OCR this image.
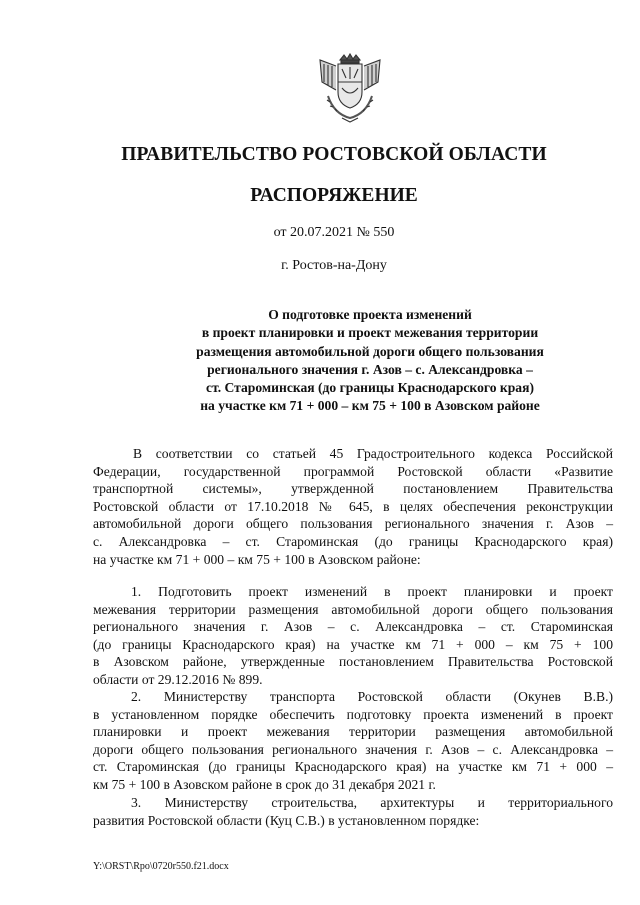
ПРАВИТЕЛЬСТВО РОСТОВСКОЙ ОБЛАСТИ
РАСПОРЯЖЕНИЕ
от 20.07.2021 № 550
г. Ростов-на-Дону
О подготовке проекта изменений
в проект планировки и проект межевания территории
размещения автомобильной дороги общего пользования
регионального значения г. Азов – с. Александровка –
ст. Староминская (до границы Краснодарского края)
на участке км 71 + 000 – км 75 + 100 в Азовском районе
В соответствии со статьей 45 Градостроительного кодекса Российской
Федерации, государственной программой Ростовской области «Развитие
транспортной системы», утвержденной постановлением Правительства
Ростовской области от 17.10.2018 № 645, в целях обеспечения реконструкции
автомобильной дороги общего пользования регионального значения г. Азов –
с. Александровка – ст. Староминская (до границы Краснодарского края)
на участке км 71 + 000 – км 75 + 100 в Азовском районе:
1. Подготовить проект изменений в проект планировки и проект
межевания территории размещения автомобильной дороги общего пользования
регионального значения г. Азов – с. Александровка – ст. Староминская
(до границы Краснодарского края) на участке км 71 + 000 – км 75 + 100
в Азовском районе, утвержденные постановлением Правительства Ростовской
области от 29.12.2016 № 899.
2. Министерству транспорта Ростовской области (Окунев В.В.)
в установленном порядке обеспечить подготовку проекта изменений в проект
планировки и проект межевания территории размещения автомобильной
дороги общего пользования регионального значения г. Азов – с. Александровка –
ст. Староминская (до границы Краснодарского края) на участке км 71 + 000 –
км 75 + 100 в Азовском районе в срок до 31 декабря 2021 г.
3. Министерству строительства, архитектуры и территориального
развития Ростовской области (Куц С.В.) в установленном порядке:
Y:\ORST\Rpo\0720r550.f21.docx
